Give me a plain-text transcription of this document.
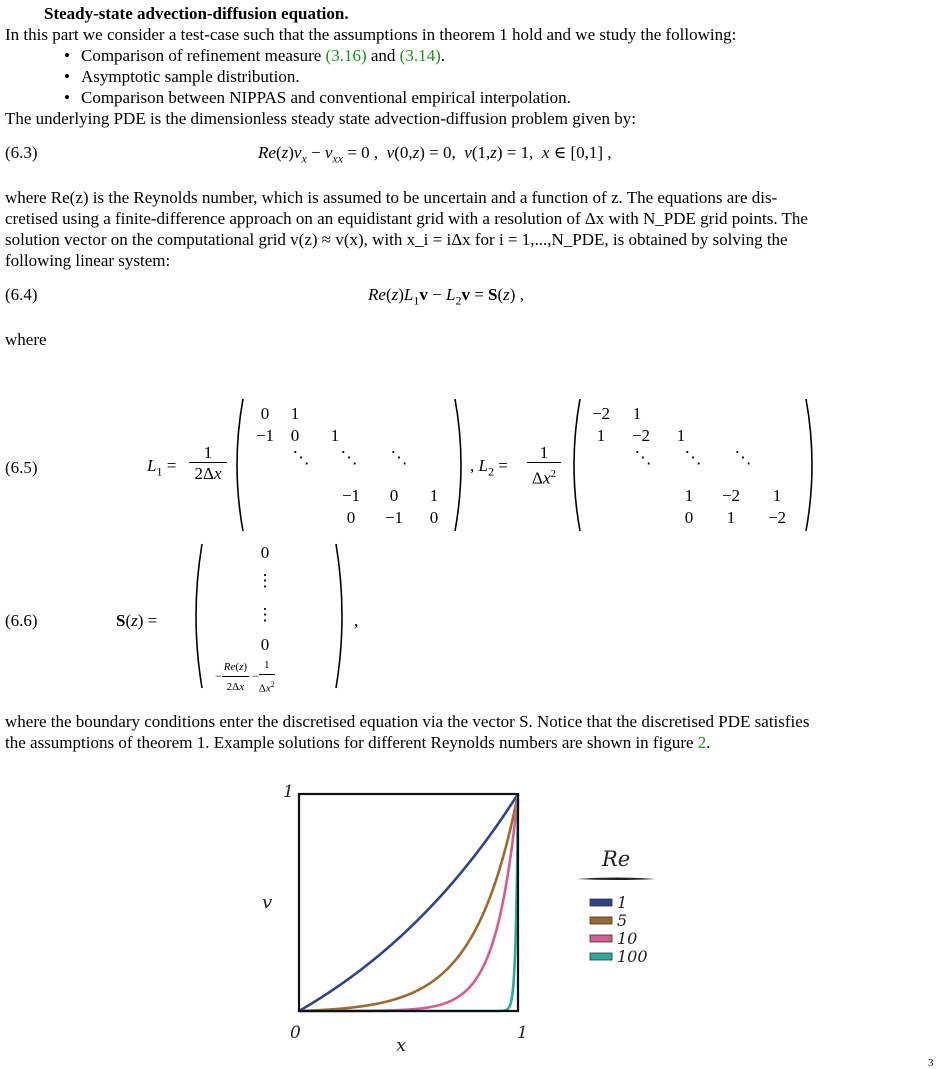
Steady-state advection-diffusion equation.
In this part we consider a test-case such that the assumptions in theorem 1 hold and we study the following:
• Comparison of refinement measure (3.16) and (3.14).
• Asymptotic sample distribution.
• Comparison between NIPPAS and conventional empirical interpolation.
The underlying PDE is the dimensionless steady state advection-diffusion problem given by:
(6.3)	$Re(z)v_x - v_{xx} = 0$ ,  v(0,z) = 0,  v(1,z) = 1,  x ∈ [0,1] ,
where Re(z) is the Reynolds number, which is assumed to be uncertain and a function of z. The equations are dis-
cretised using a finite-difference approach on an equidistant grid with a resolution of Δx with N_PDE grid points. The
solution vector on the computational grid v(z) ≈ v(x), with x_i = iΔx for i = 1,...,N_PDE, is obtained by solving the
following linear system:
(6.4)	$Re(z)L_1v - L_2v = S(z)$ ,
where
(6.5)	$L_1$ =
1
2Δx
0	1
−1 0	1
⋱	⋱	⋱
−1	0	1
0	−1	0
, $L_2$ =
1
$\Delta x^2$
−2	1
1	−2	1
⋱	⋱	⋱
1	−2	1
0	1	−2
(6.6)	S(z) =
0
⋮
⋮
0
− $\frac{Re(z)}{2\Delta x} - \frac{1}{\Delta x^2}$
,
where the boundary conditions enter the discretised equation via the vector S. Notice that the discretised PDE satisfies
the assumptions of theorem 1. Example solutions for different Reynolds numbers are shown in figure 2.
1
0	1
x
v
Re
1
5
10
100
3
